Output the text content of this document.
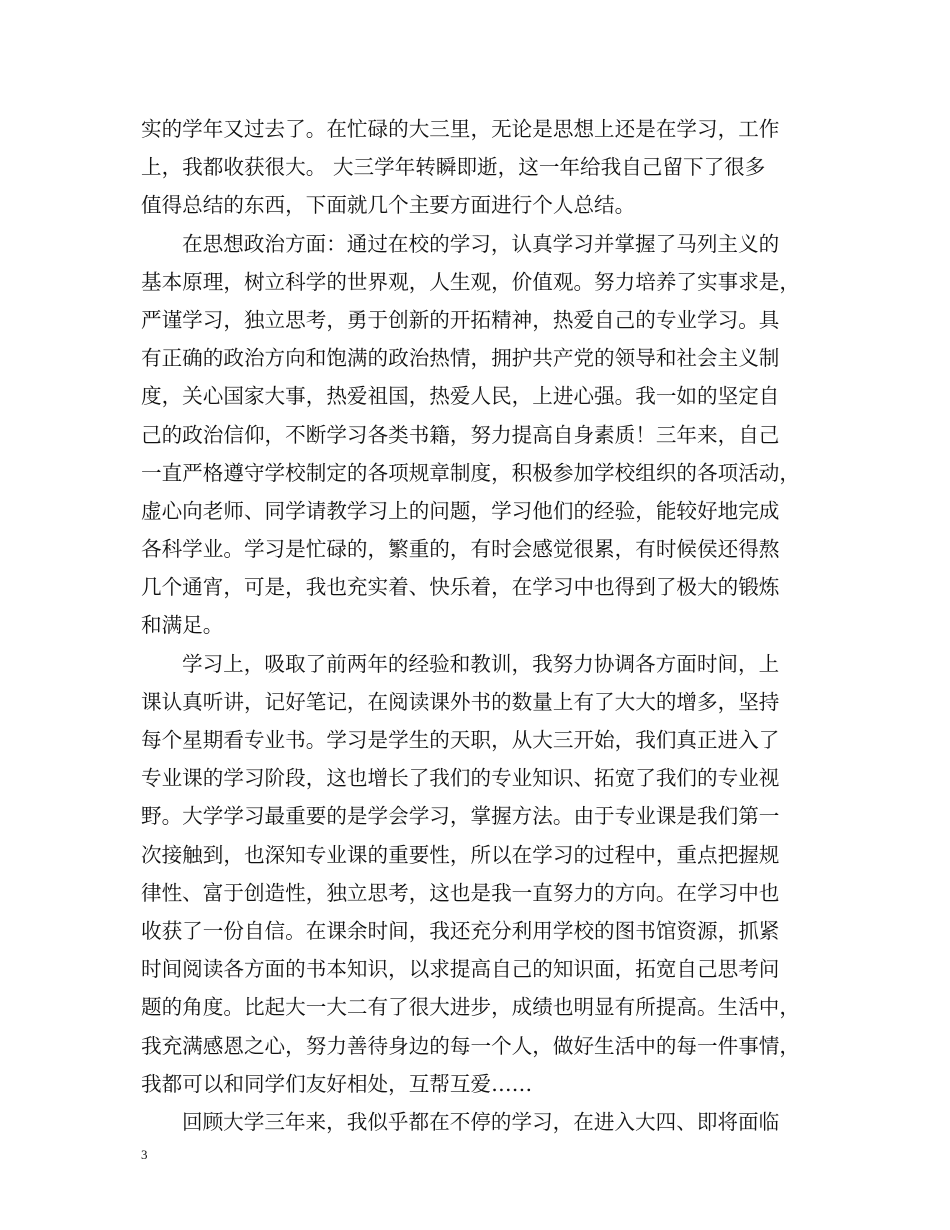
实的学年又过去了。在忙碌的大三里，无论是思想上还是在学习，工作
上，我都收获很大。 大三学年转瞬即逝，这一年给我自己留下了很多
值得总结的东西，下面就几个主要方面进行个人总结。
在思想政治方面：通过在校的学习，认真学习并掌握了马列主义的
基本原理，树立科学的世界观，人生观，价值观。努力培养了实事求是，
严谨学习，独立思考，勇于创新的开拓精神，热爱自己的专业学习。具
有正确的政治方向和饱满的政治热情，拥护共产党的领导和社会主义制
度，关心国家大事，热爱祖国，热爱人民，上进心强。我一如的坚定自
己的政治信仰，不断学习各类书籍，努力提高自身素质！三年来，自己
一直严格遵守学校制定的各项规章制度，积极参加学校组织的各项活动，
虚心向老师、同学请教学习上的问题，学习他们的经验，能较好地完成
各科学业。学习是忙碌的，繁重的，有时会感觉很累，有时候侯还得熬
几个通宵，可是，我也充实着、快乐着，在学习中也得到了极大的锻炼
和满足。
学习上，吸取了前两年的经验和教训，我努力协调各方面时间，上
课认真听讲，记好笔记，在阅读课外书的数量上有了大大的增多，坚持
每个星期看专业书。学习是学生的天职，从大三开始，我们真正进入了
专业课的学习阶段，这也增长了我们的专业知识、拓宽了我们的专业视
野。大学学习最重要的是学会学习，掌握方法。由于专业课是我们第一
次接触到，也深知专业课的重要性，所以在学习的过程中，重点把握规
律性、富于创造性，独立思考，这也是我一直努力的方向。在学习中也
收获了一份自信。在课余时间，我还充分利用学校的图书馆资源，抓紧
时间阅读各方面的书本知识，以求提高自己的知识面，拓宽自己思考问
题的角度。比起大一大二有了很大进步，成绩也明显有所提高。生活中，
我充满感恩之心，努力善待身边的每一个人，做好生活中的每一件事情，
我都可以和同学们友好相处，互帮互爱……
回顾大学三年来，我似乎都在不停的学习，在进入大四、即将面临
3
